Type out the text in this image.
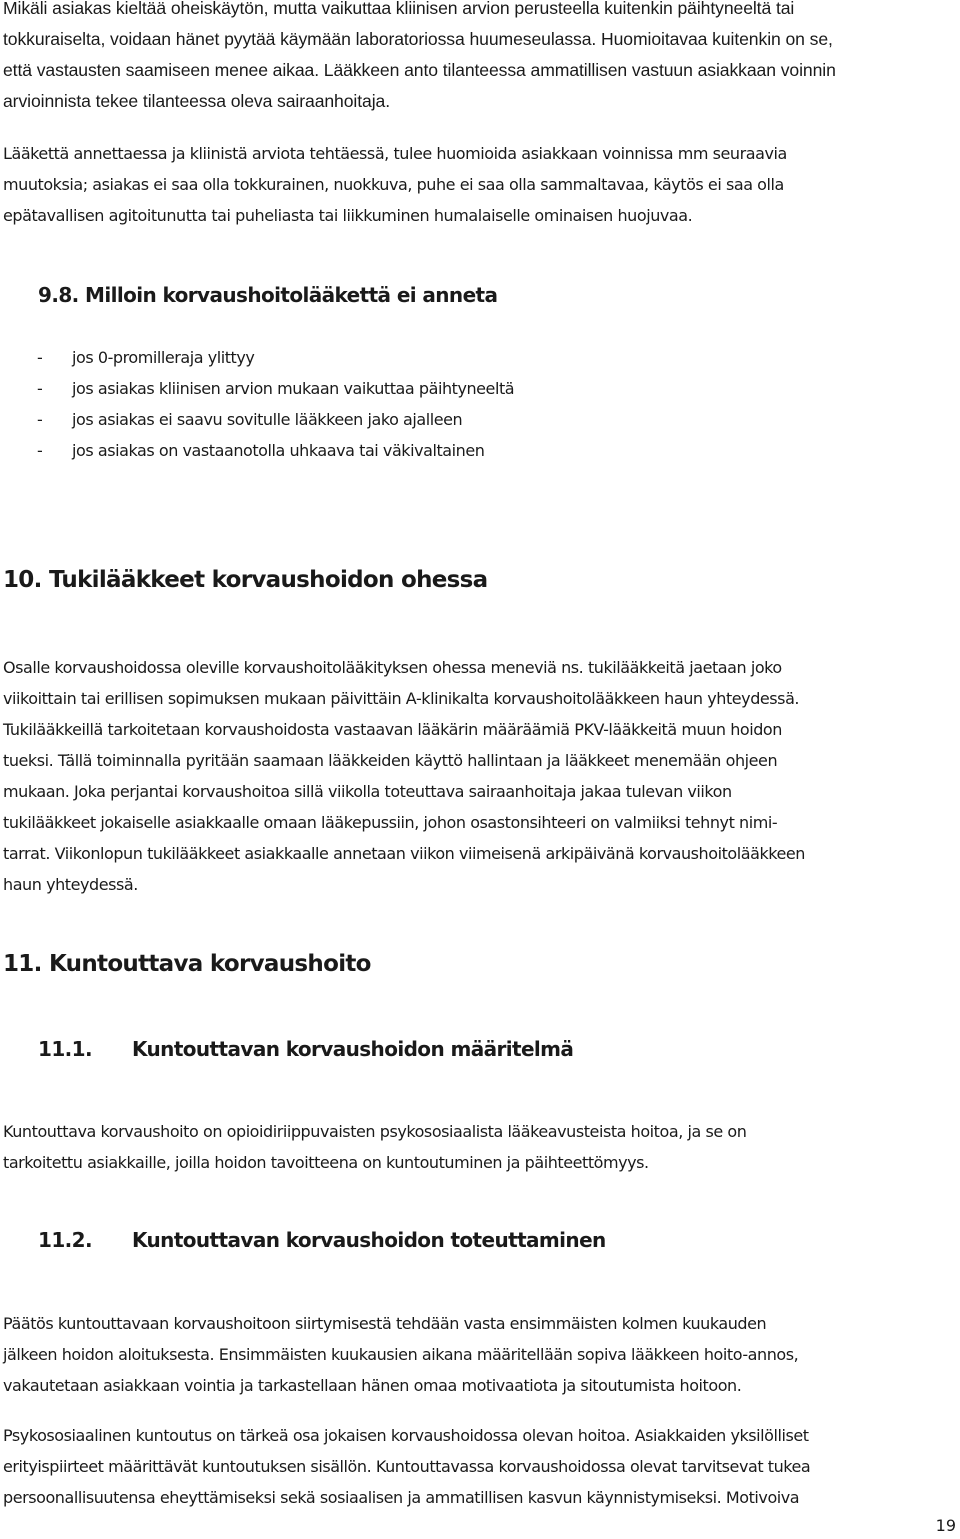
Mikäli asiakas kieltää oheiskäytön, mutta vaikuttaa kliinisen arvion perusteella kuitenkin päihtyneeltä tai
tokkuraiselta, voidaan hänet pyytää käymään laboratoriossa huumeseulassa. Huomioitavaa kuitenkin on se,
että vastausten saamiseen menee aikaa. Lääkkeen anto tilanteessa ammatillisen vastuun asiakkaan voinnin
arvioinnista tekee tilanteessa oleva sairaanhoitaja.
Lääkettä annettaessa ja kliinistä arviota tehtäessä, tulee huomioida asiakkaan voinnissa mm seuraavia
muutoksia; asiakas ei saa olla tokkurainen, nuokkuva, puhe ei saa olla sammaltavaa, käytös ei saa olla
epätavallisen agitoitunutta tai puheliasta tai liikkuminen humalaiselle ominaisen huojuvaa.
9.8. Milloin korvaushoitolääkettä ei anneta
- jos 0-promilleraja ylittyy
- jos asiakas kliinisen arvion mukaan vaikuttaa päihtyneeltä
- jos asiakas ei saavu sovitulle lääkkeen jako ajalleen
- jos asiakas on vastaanotolla uhkaava tai väkivaltainen
10. Tukilääkkeet korvaushoidon ohessa
Osalle korvaushoidossa oleville korvaushoitolääkityksen ohessa meneviä ns. tukilääkkeitä jaetaan joko
viikoittain tai erillisen sopimuksen mukaan päivittäin A-klinikalta korvaushoitolääkkeen haun yhteydessä.
Tukilääkkeillä tarkoitetaan korvaushoidosta vastaavan lääkärin määräämiä PKV-lääkkeitä muun hoidon
tueksi. Tällä toiminnalla pyritään saamaan lääkkeiden käyttö hallintaan ja lääkkeet menemään ohjeen
mukaan. Joka perjantai korvaushoitoa sillä viikolla toteuttava sairaanhoitaja jakaa tulevan viikon
tukilääkkeet jokaiselle asiakkaalle omaan lääkepussiin, johon osastonsihteeri on valmiiksi tehnyt nimi-
tarrat. Viikonlopun tukilääkkeet asiakkaalle annetaan viikon viimeisenä arkipäivänä korvaushoitolääkkeen
haun yhteydessä.
11. Kuntouttava korvaushoito
11.1. Kuntouttavan korvaushoidon määritelmä
Kuntouttava korvaushoito on opioidiriippuvaisten psykososiaalista lääkeavusteista hoitoa, ja se on
tarkoitettu asiakkaille, joilla hoidon tavoitteena on kuntoutuminen ja päihteettömyys.
11.2. Kuntouttavan korvaushoidon toteuttaminen
Päätös kuntouttavaan korvaushoitoon siirtymisestä tehdään vasta ensimmäisten kolmen kuukauden
jälkeen hoidon aloituksesta. Ensimmäisten kuukausien aikana määritellään sopiva lääkkeen hoito-annos,
vakautetaan asiakkaan vointia ja tarkastellaan hänen omaa motivaatiota ja sitoutumista hoitoon.
Psykososiaalinen kuntoutus on tärkeä osa jokaisen korvaushoidossa olevan hoitoa. Asiakkaiden yksilölliset
erityispiirteet määrittävät kuntoutuksen sisällön. Kuntouttavassa korvaushoidossa olevat tarvitsevat tukea
persoonallisuutensa eheyttämiseksi sekä sosiaalisen ja ammatillisen kasvun käynnistymiseksi. Motivoiva
19
